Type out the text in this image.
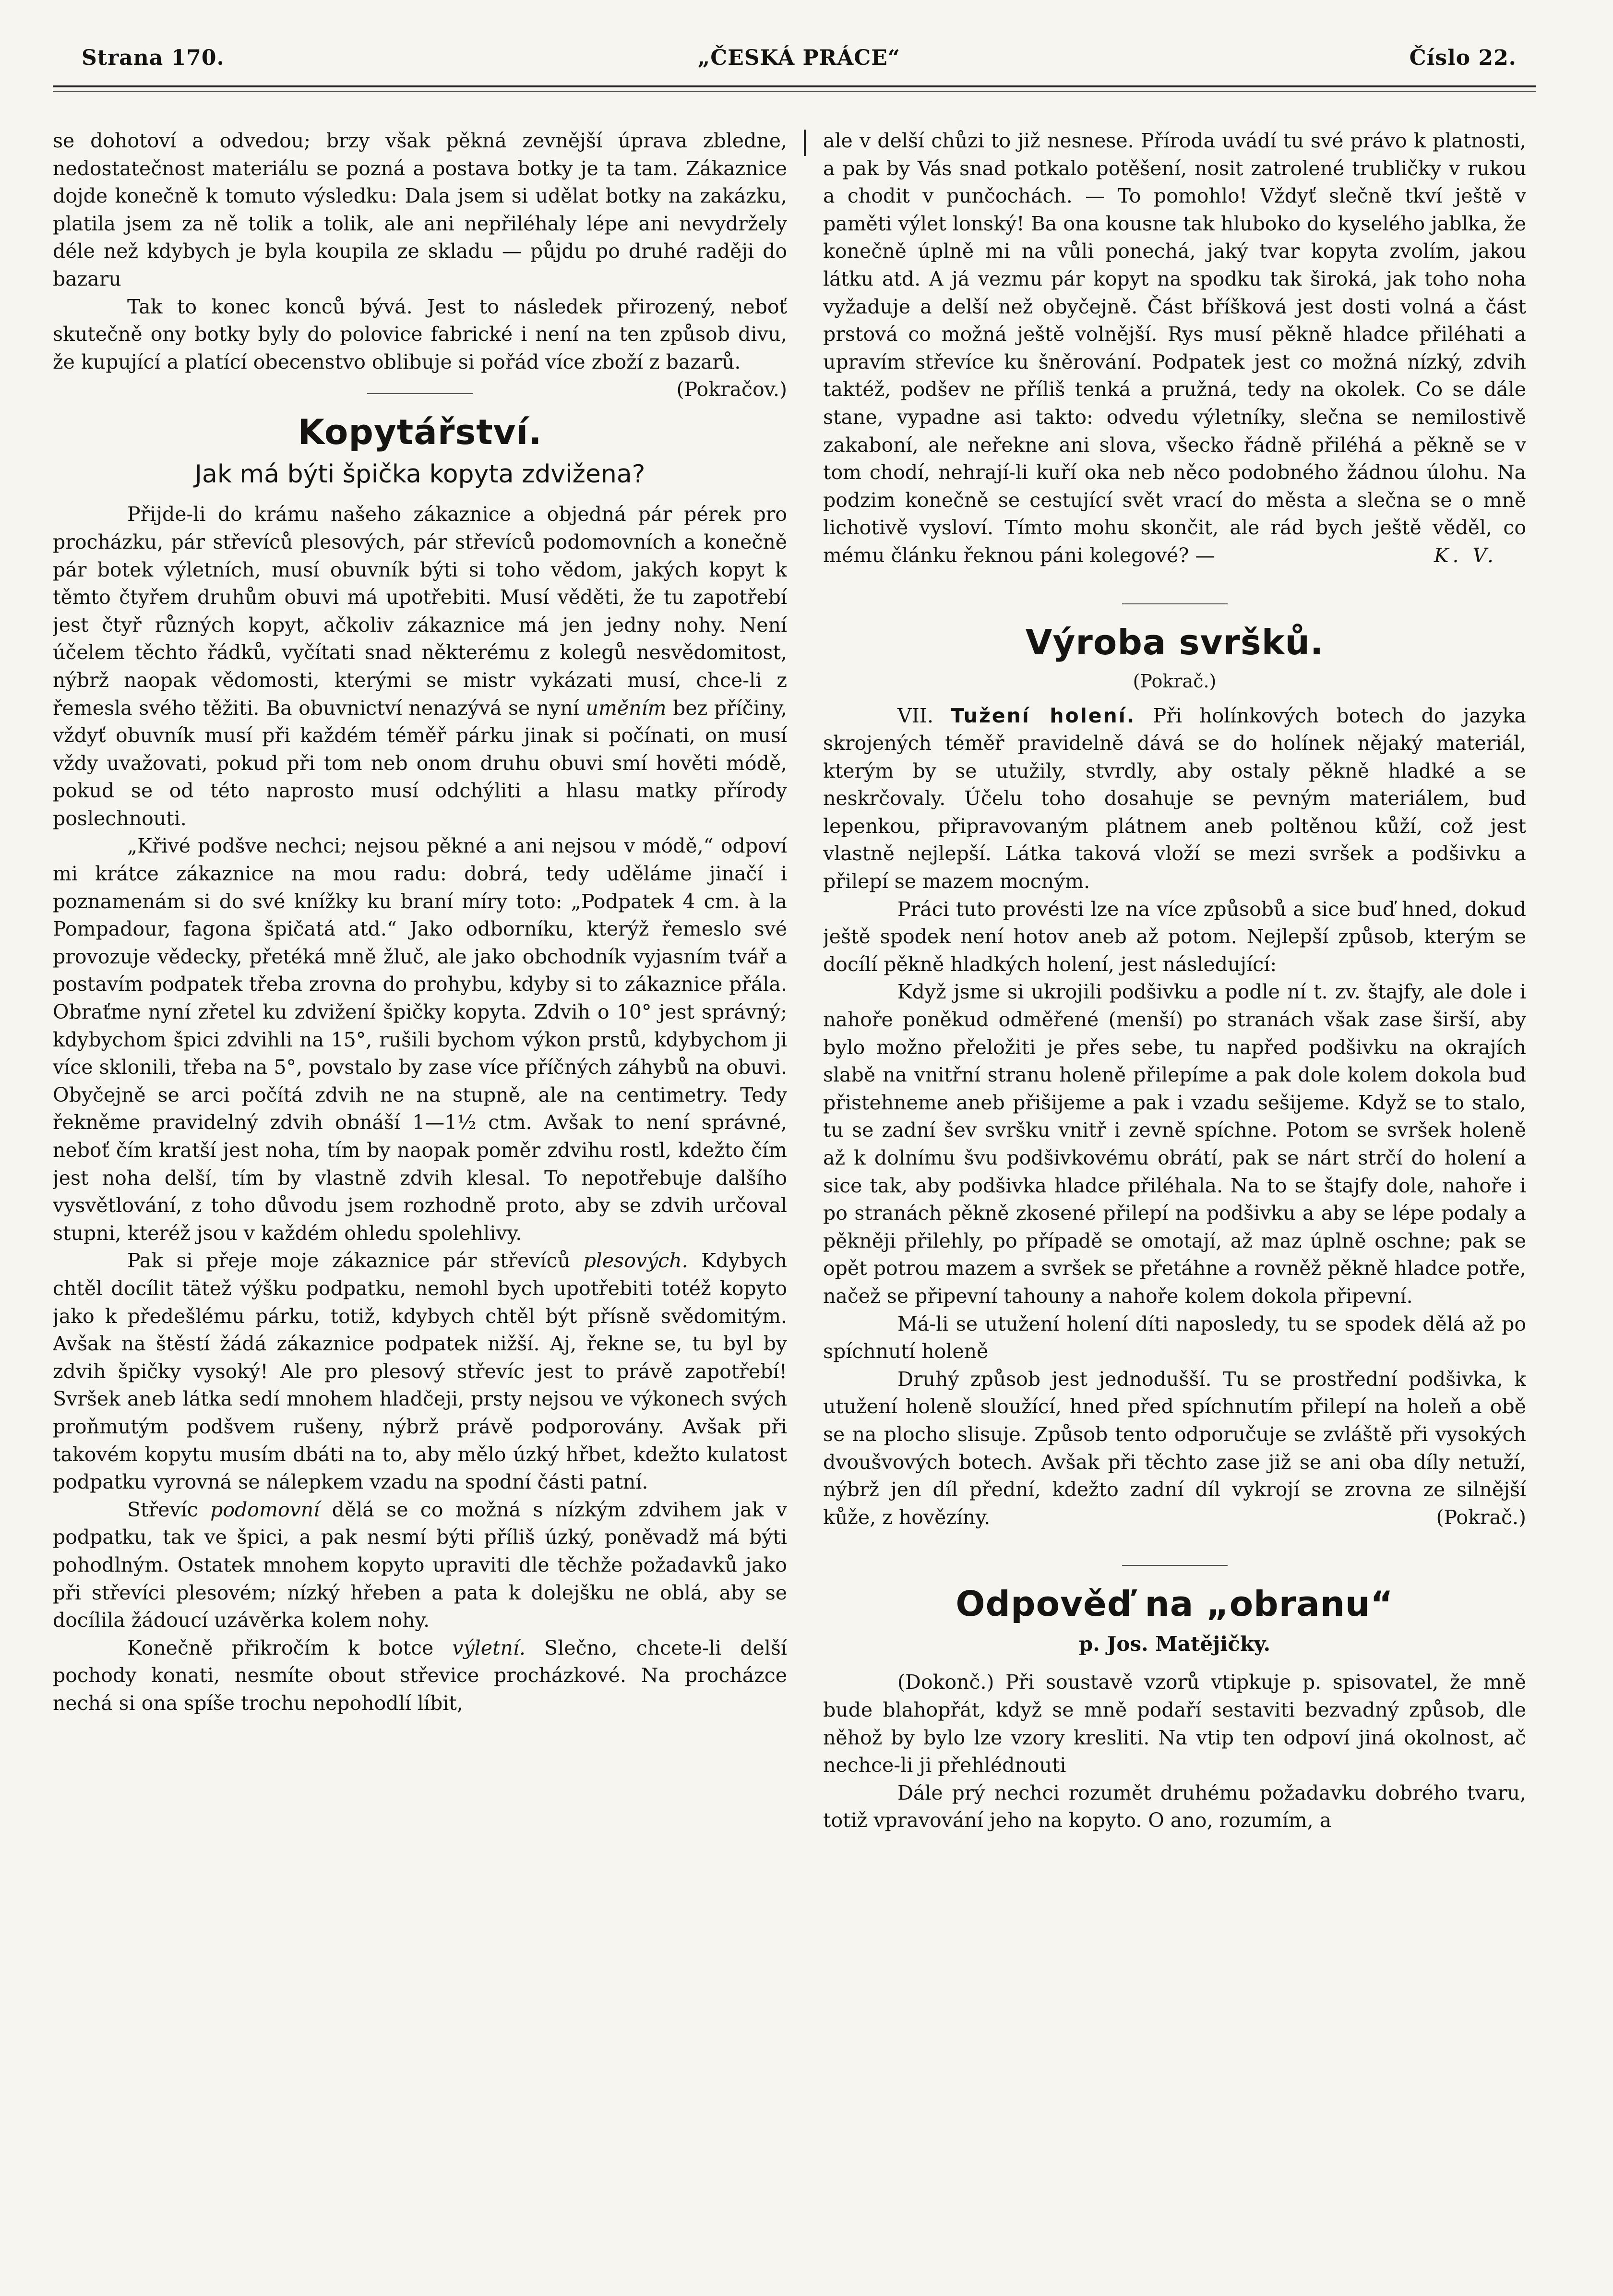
„ČESKÁ PRÁCE“
Strana 170.	Číslo 22.

se dohotoví a odvedou; brzy však pěkná zevnější úprava zbledne, nedostatečnost materiálu se pozná a postava botky je ta tam. Zákaznice dojde konečně k tomuto výsledku: Dala jsem si udělat botky na zakázku, platila jsem za ně tolik a tolik, ale ani nepřiléhaly lépe ani nevydržely déle než kdybych je byla koupila ze skladu — půjdu po druhé raději do bazaru

Tak to konec konců bývá. Jest to následek přirozený, neboť skutečně ony botky byly do polovice fabrické i není na ten způsob divu, že kupující a platící obecenstvo oblibuje si pořád více zboží z bazarů.
(Pokračov.)

Kopytářství.
Jak má býti špička kopyta zdvižena?

Přijde-li do krámu našeho zákaznice a objedná pár pérek pro procházku, pár střevíců plesových, pár střevíců podomovních a konečně pár botek výletních, musí obuvník býti si toho vědom, jakých kopyt k těmto čtyřem druhům obuvi má upotřebiti. Musí věděti, že tu zapotřebí jest čtyř různých kopyt, ačkoliv zákaznice má jen jedny nohy. Není účelem těchto řádků, vyčítati snad některému z kolegů nesvědomitost, nýbrž naopak vědomosti, kterými se mistr vykázati musí, chce-li z řemesla svého těžiti. Ba obuvnictví nenazývá se nyní uměním bez příčiny, vždyť obuvník musí při každém téměř párku jinak si počínati, on musí vždy uvažovati, pokud při tom neb onom druhu obuvi smí hověti módě, pokud se od této naprosto musí odchýliti a hlasu matky přírody poslechnouti.

„Křivé podšve nechci; nejsou pěkné a ani nejsou v módě,“ odpoví mi krátce zákaznice na mou radu: dobrá, tedy uděláme jinačí i poznamenám si do své knížky ku braní míry toto: „Podpatek 4 cm. à la Pompadour, fagona špičatá atd.“ Jako odborníku, kterýž řemeslo své provozuje vědecky, přetéká mně žluč, ale jako obchodník vyjasním tvář a postavím podpatek třeba zrovna do prohybu, kdyby si to zákaznice přála. Obraťme nyní zřetel ku zdvižení špičky kopyta. Zdvih o 10° jest správný; kdybychom špici zdvihli na 15°, rušili bychom výkon prstů, kdybychom ji více sklonili, třeba na 5°, povstalo by zase více příčných záhybů na obuvi. Obyčejně se arci počítá zdvih ne na stupně, ale na centimetry. Tedy řekněme pravidelný zdvih obnáší 1—1½ ctm. Avšak to není správné, neboť čím kratší jest noha, tím by naopak poměr zdvihu rostl, kdežto čím jest noha delší, tím by vlastně zdvih klesal. To nepotřebuje dalšího vysvětlování, z toho důvodu jsem rozhodně proto, aby se zdvih určoval stupni, kteréž jsou v každém ohledu spolehlivy.

Pak si přeje moje zákaznice pár střevíců plesových. Kdybych chtěl docílit tätež výšku podpatku, nemohl bych upotřebiti totéž kopyto jako k předešlému párku, totiž, kdybych chtěl být přísně svědomitým. Avšak na štěstí žádá zákaznice podpatek nižší. Aj, řekne se, tu byl by zdvih špičky vysoký! Ale pro plesový střevíc jest to právě zapotřebí! Svršek aneb látka sedí mnohem hladčeji, prsty nejsou ve výkonech svých proňmutým podšvem rušeny, nýbrž právě podporovány. Avšak při takovém kopytu musím dbáti na to, aby mělo úzký hřbet, kdežto kulatost podpatku vyrovná se nálepkem vzadu na spodní části patní.

Střevíc podomovní dělá se co možná s nízkým zdvihem jak v podpatku, tak ve špici, a pak nesmí býti příliš úzký, poněvadž má býti pohodlným. Ostatek mnohem kopyto upraviti dle těchže požadavků jako při střevíci plesovém; nízký hřeben a pata k dolejšku ne oblá, aby se docílila žádoucí uzávěrka kolem nohy.

Konečně přikročím k botce výletní. Slečno, chcete-li delší pochody konati, nesmíte obout střevice procházkové. Na procházce nechá si ona spíše trochu nepohodlí líbit,

ale v delší chůzi to již nesnese. Příroda uvádí tu své právo k platnosti, a pak by Vás snad potkalo potěšení, nosit zatrolené trubličky v rukou a chodit v punčochách. — To pomohlo! Vždyť slečně tkví ještě v paměti výlet lonský! Ba ona kousne tak hluboko do kyselého jablka, že konečně úplně mi na vůli ponechá, jaký tvar kopyta zvolím, jakou látku atd. A já vezmu pár kopyt na spodku tak široká, jak toho noha vyžaduje a delší než obyčejně. Část bříšková jest dosti volná a část prstová co možná ještě volnější. Rys musí pěkně hladce přiléhati a upravím střevíce ku šněrování. Podpatek jest co možná nízký, zdvih taktéž, podšev ne příliš tenká a pružná, tedy na okolek. Co se dále stane, vypadne asi takto: odvedu výletníky, slečna se nemilostivě zakaboní, ale neřekne ani slova, všecko řádně přiléhá a pěkně se v tom chodí, nehrají-li kuří oka neb něco podobného žádnou úlohu. Na podzim konečně se cestující svět vrací do města a slečna se o mně lichotivě vysloví. Tímto mohu skončit, ale rád bych ještě věděl, co mému článku řeknou páni kolegové? —	K. V.

Výroba svršků.
(Pokrač.)

VII. Tužení holení. Při holínkových botech do jazyka skrojených téměř pravidelně dává se do holínek nějaký materiál, kterým by se utužily, stvrdly, aby ostaly pěkně hladké a se neskrčovaly. Účelu toho dosahuje se pevným materiálem, buď lepenkou, připravovaným plátnem aneb poltěnou kůží, což jest vlastně nejlepší. Látka taková vloží se mezi svršek a podšivku a přilepí se mazem mocným.

Práci tuto provésti lze na více způsobů a sice buď hned, dokud ještě spodek není hotov aneb až potom. Nejlepší způsob, kterým se docílí pěkně hladkých holení, jest následující:

Když jsme si ukrojili podšivku a podle ní t. zv. štajfy, ale dole i nahoře poněkud odměřené (menší) po stranách však zase širší, aby bylo možno přeložiti je přes sebe, tu napřed podšivku na okrajích slabě na vnitřní stranu holeně přilepíme a pak dole kolem dokola buď přistehneme aneb přišijeme a pak i vzadu sešijeme. Když se to stalo, tu se zadní šev svršku vnitř i zevně spíchne. Potom se svršek holeně až k dolnímu švu podšivkovému obrátí, pak se nárt strčí do holení a sice tak, aby podšivka hladce přiléhala. Na to se štajfy dole, nahoře i po stranách pěkně zkosené přilepí na podšivku a aby se lépe podaly a pěkněji přilehly, po případě se omotají, až maz úplně oschne; pak se opět potrou mazem a svršek se přetáhne a rovněž pěkně hladce potře, načež se připevní tahouny a nahoře kolem dokola připevní.

Má-li se utužení holení díti naposledy, tu se spodek dělá až po spíchnutí holeně

Druhý způsob jest jednodušší. Tu se prostřední podšivka, k utužení holeně sloužící, hned před spíchnutím přilepí na holeň a obě se na plocho slisuje. Způsob tento odporučuje se zvláště při vysokých dvoušvových botech. Avšak při těchto zase již se ani oba díly netuží, nýbrž jen díl přední, kdežto zadní díl vykrojí se zrovna ze silnější kůže, z hovězíny.	(Pokrač.)

Odpověď na „obranu“
p. Jos. Matějičky.

(Dokonč.) Při soustavě vzorů vtipkuje p. spisovatel, že mně bude blahopřát, když se mně podaří sestaviti bezvadný způsob, dle něhož by bylo lze vzory kresliti. Na vtip ten odpoví jiná okolnost, ač nechce-li ji přehlédnouti

Dále prý nechci rozumět druhému požadavku dobrého tvaru, totiž vpravování jeho na kopyto. O ano, rozumím, a
